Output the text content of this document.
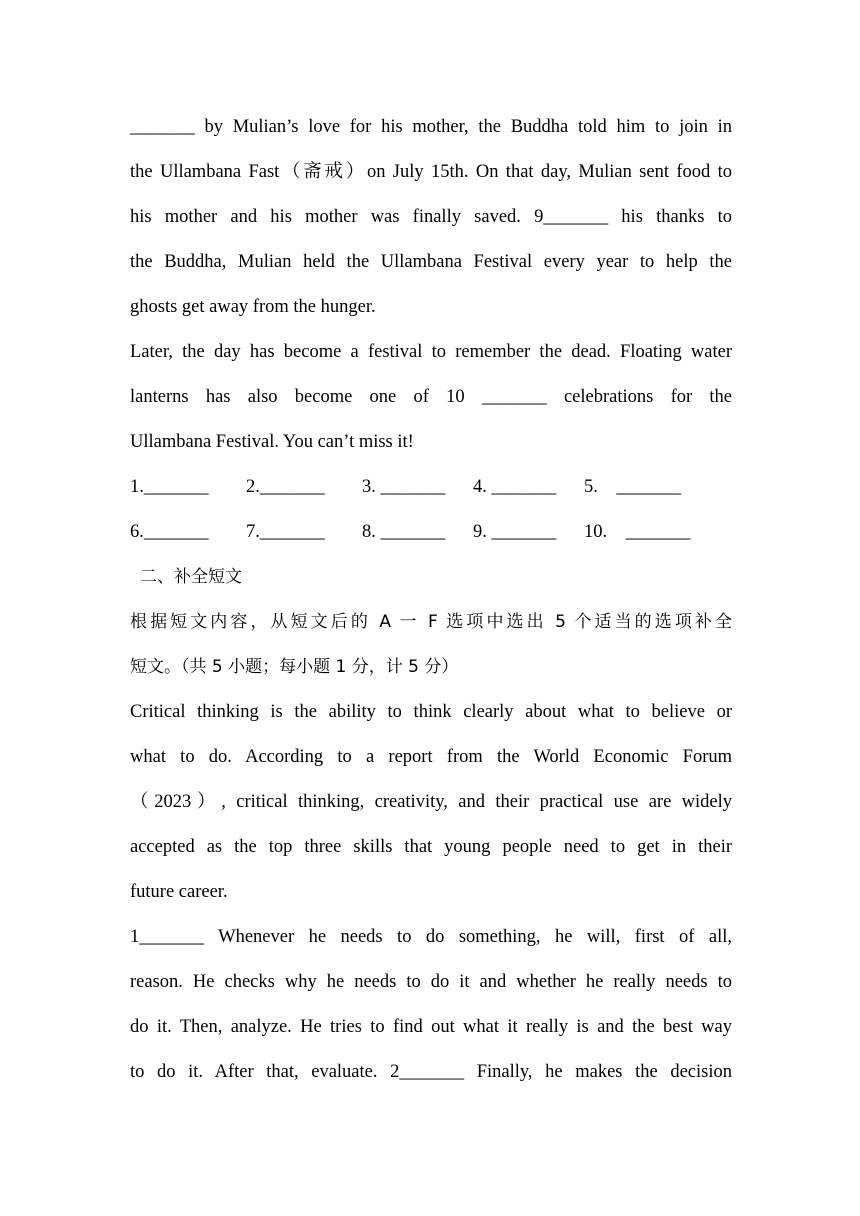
_______ by Mulian’s love for his mother, the Buddha told him to join in
the Ullambana Fast（斋戒）on July 15th. On that day, Mulian sent food to
his mother and his mother was finally saved. 9_______ his thanks to
the Buddha, Mulian held the Ullambana Festival every year to help the
ghosts get away from the hunger.
Later, the day has become a festival to remember the dead. Floating water
lanterns has also become one of 10 _______ celebrations for the
Ullambana Festival. You can’t miss it!
1._______	2._______	3. _______	4. _______	5.    _______
6._______	7._______	8. _______	9. _______	10.    _______
二、补全短文
根据短文内容，从短文后的 A 一 F 选项中选出 5 个适当的选项补全
短文。（共 5 小题；每小题 1 分，计 5 分）
Critical thinking is the ability to think clearly about what to believe or
what to do. According to a report from the World Economic Forum
（2023）, critical thinking, creativity, and their practical use are widely
accepted as the top three skills that young people need to get in their
future career.
1_______ Whenever he needs to do something, he will, first of all,
reason. He checks why he needs to do it and whether he really needs to
do it. Then, analyze. He tries to find out what it really is and the best way
to do it. After that, evaluate. 2_______ Finally, he makes the decision
